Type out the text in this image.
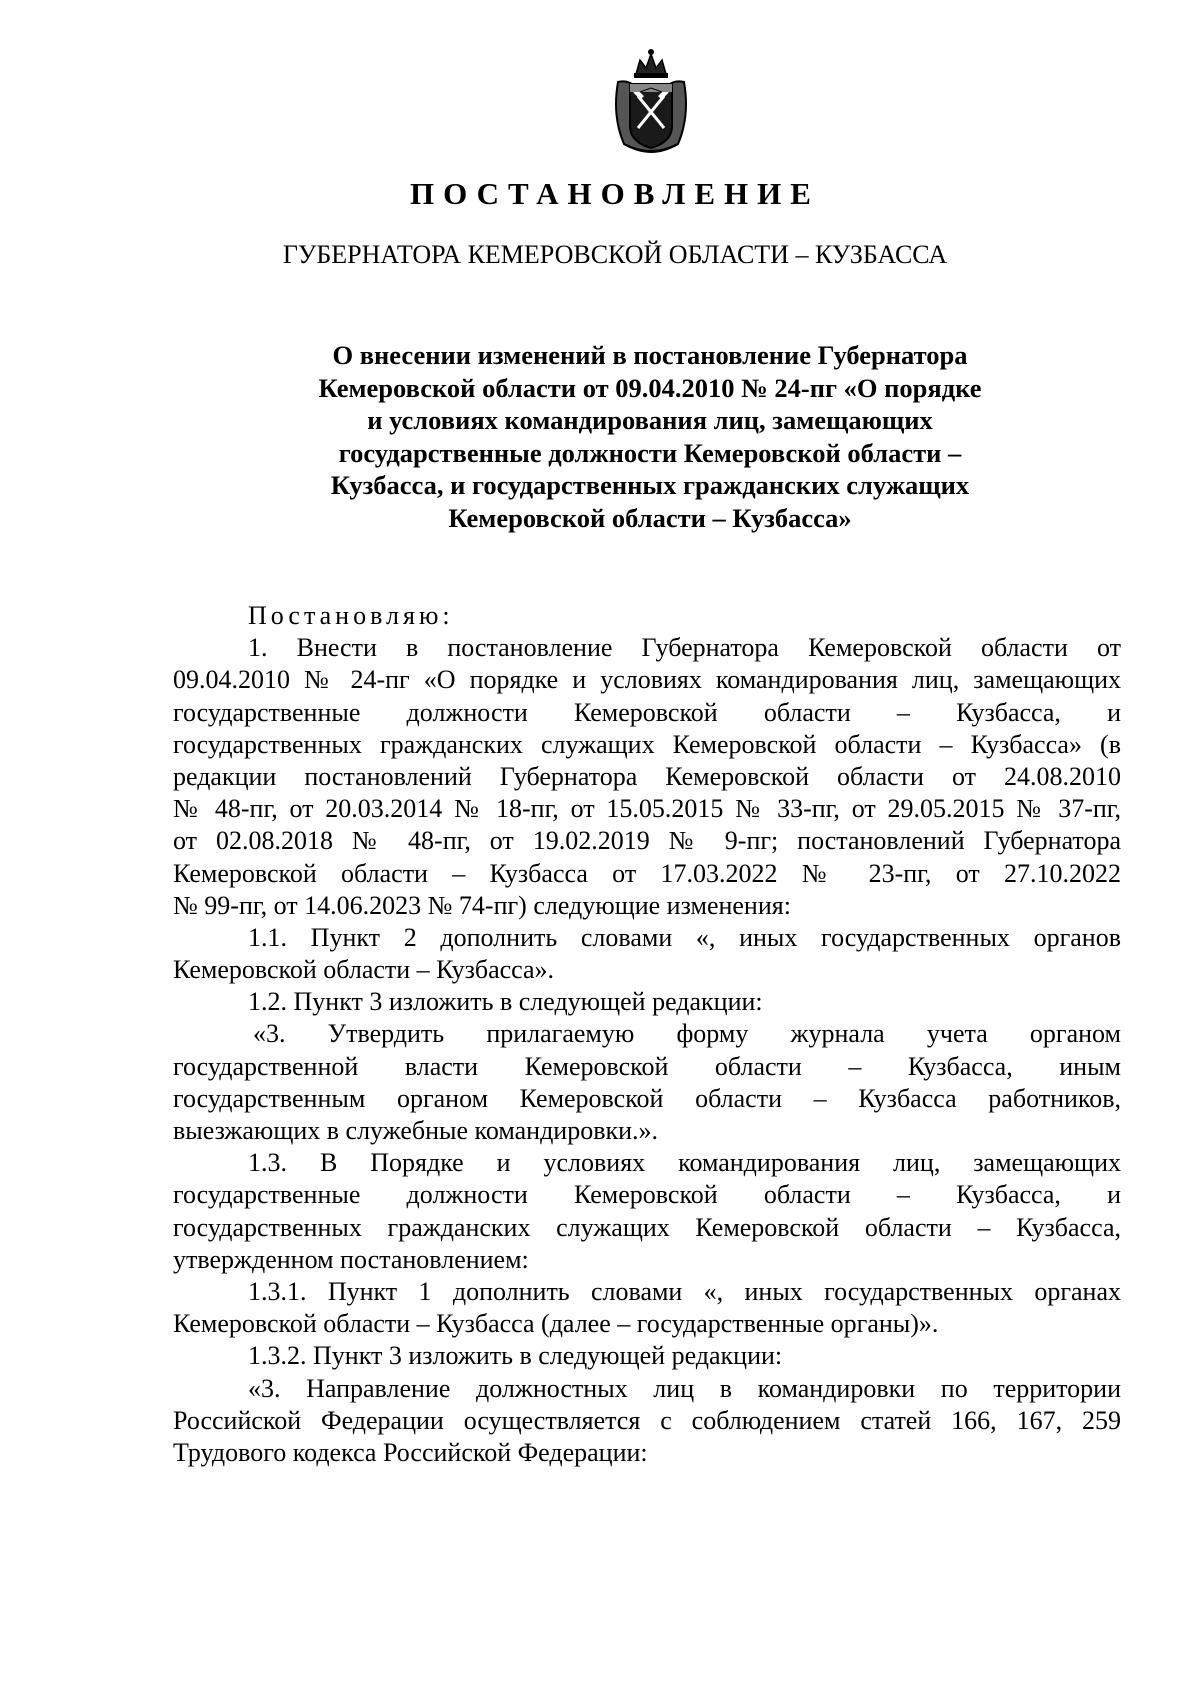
ПОСТАНОВЛЕНИЕ
ГУБЕРНАТОРА КЕМЕРОВСКОЙ ОБЛАСТИ – КУЗБАССА
О внесении изменений в постановление Губернатора
Кемеровской области от 09.04.2010 № 24-пг «О порядке
и условиях командирования лиц, замещающих
государственные должности Кемеровской области –
Кузбасса, и государственных гражданских служащих
Кемеровской области – Кузбасса»
Постановляю:
1. Внести в постановление Губернатора Кемеровской области от
09.04.2010 № 24-пг «О порядке и условиях командирования лиц, замещающих
государственные должности Кемеровской области – Кузбасса, и
государственных гражданских служащих Кемеровской области – Кузбасса» (в
редакции постановлений Губернатора Кемеровской области от 24.08.2010
№ 48-пг, от 20.03.2014 № 18-пг, от 15.05.2015 № 33-пг, от 29.05.2015 № 37-пг,
от 02.08.2018 № 48-пг, от 19.02.2019 № 9-пг; постановлений Губернатора
Кемеровской области – Кузбасса от 17.03.2022 № 23-пг, от 27.10.2022
№ 99-пг, от 14.06.2023 № 74-пг) следующие изменения:
1.1. Пункт 2 дополнить словами «, иных государственных органов
Кемеровской области – Кузбасса».
1.2. Пункт 3 изложить в следующей редакции:
«3. Утвердить прилагаемую форму журнала учета органом
государственной власти Кемеровской области – Кузбасса, иным
государственным органом Кемеровской области – Кузбасса работников,
выезжающих в служебные командировки.».
1.3. В Порядке и условиях командирования лиц, замещающих
государственные должности Кемеровской области – Кузбасса, и
государственных гражданских служащих Кемеровской области – Кузбасса,
утвержденном постановлением:
1.3.1. Пункт 1 дополнить словами «, иных государственных органах
Кемеровской области – Кузбасса (далее – государственные органы)».
1.3.2. Пункт 3 изложить в следующей редакции:
«3. Направление должностных лиц в командировки по территории
Российской Федерации осуществляется с соблюдением статей 166, 167, 259
Трудового кодекса Российской Федерации:
